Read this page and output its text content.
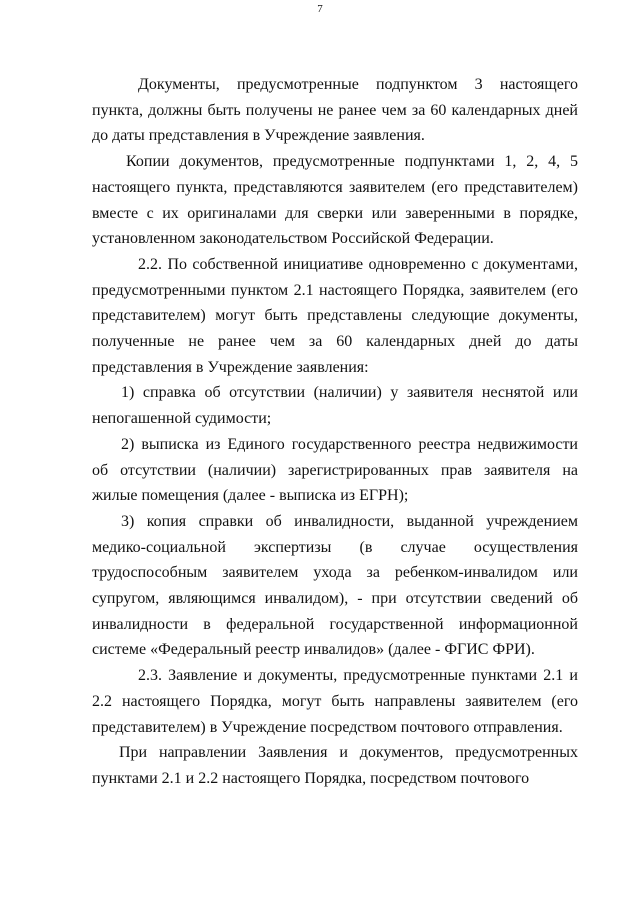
7

Документы, предусмотренные подпунктом 3 настоящего пункта, должны быть получены не ранее чем за 60 календарных дней до даты представления в Учреждение заявления.

Копии документов, предусмотренные подпунктами 1, 2, 4, 5 настоящего пункта, представляются заявителем (его представителем) вместе с их оригиналами для сверки или заверенными в порядке, установленном законодательством Российской Федерации.

2.2. По собственной инициативе одновременно с документами, предусмотренными пунктом 2.1 настоящего Порядка, заявителем (его представителем) могут быть представлены следующие документы, полученные не ранее чем за 60 календарных дней до даты представления в Учреждение заявления:

1) справка об отсутствии (наличии) у заявителя неснятой или непогашенной судимости;

2) выписка из Единого государственного реестра недвижимости об отсутствии (наличии) зарегистрированных прав заявителя на жилые помещения (далее - выписка из ЕГРН);

3) копия справки об инвалидности, выданной учреждением медико-социальной экспертизы (в случае осуществления трудоспособным заявителем ухода за ребенком-инвалидом или супругом, являющимся инвалидом), - при отсутствии сведений об инвалидности в федеральной государственной информационной системе «Федеральный реестр инвалидов» (далее - ФГИС ФРИ).

2.3. Заявление и документы, предусмотренные пунктами 2.1 и 2.2 настоящего Порядка, могут быть направлены заявителем (его представителем) в Учреждение посредством почтового отправления.

При направлении Заявления и документов, предусмотренных пунктами 2.1 и 2.2 настоящего Порядка, посредством почтового
